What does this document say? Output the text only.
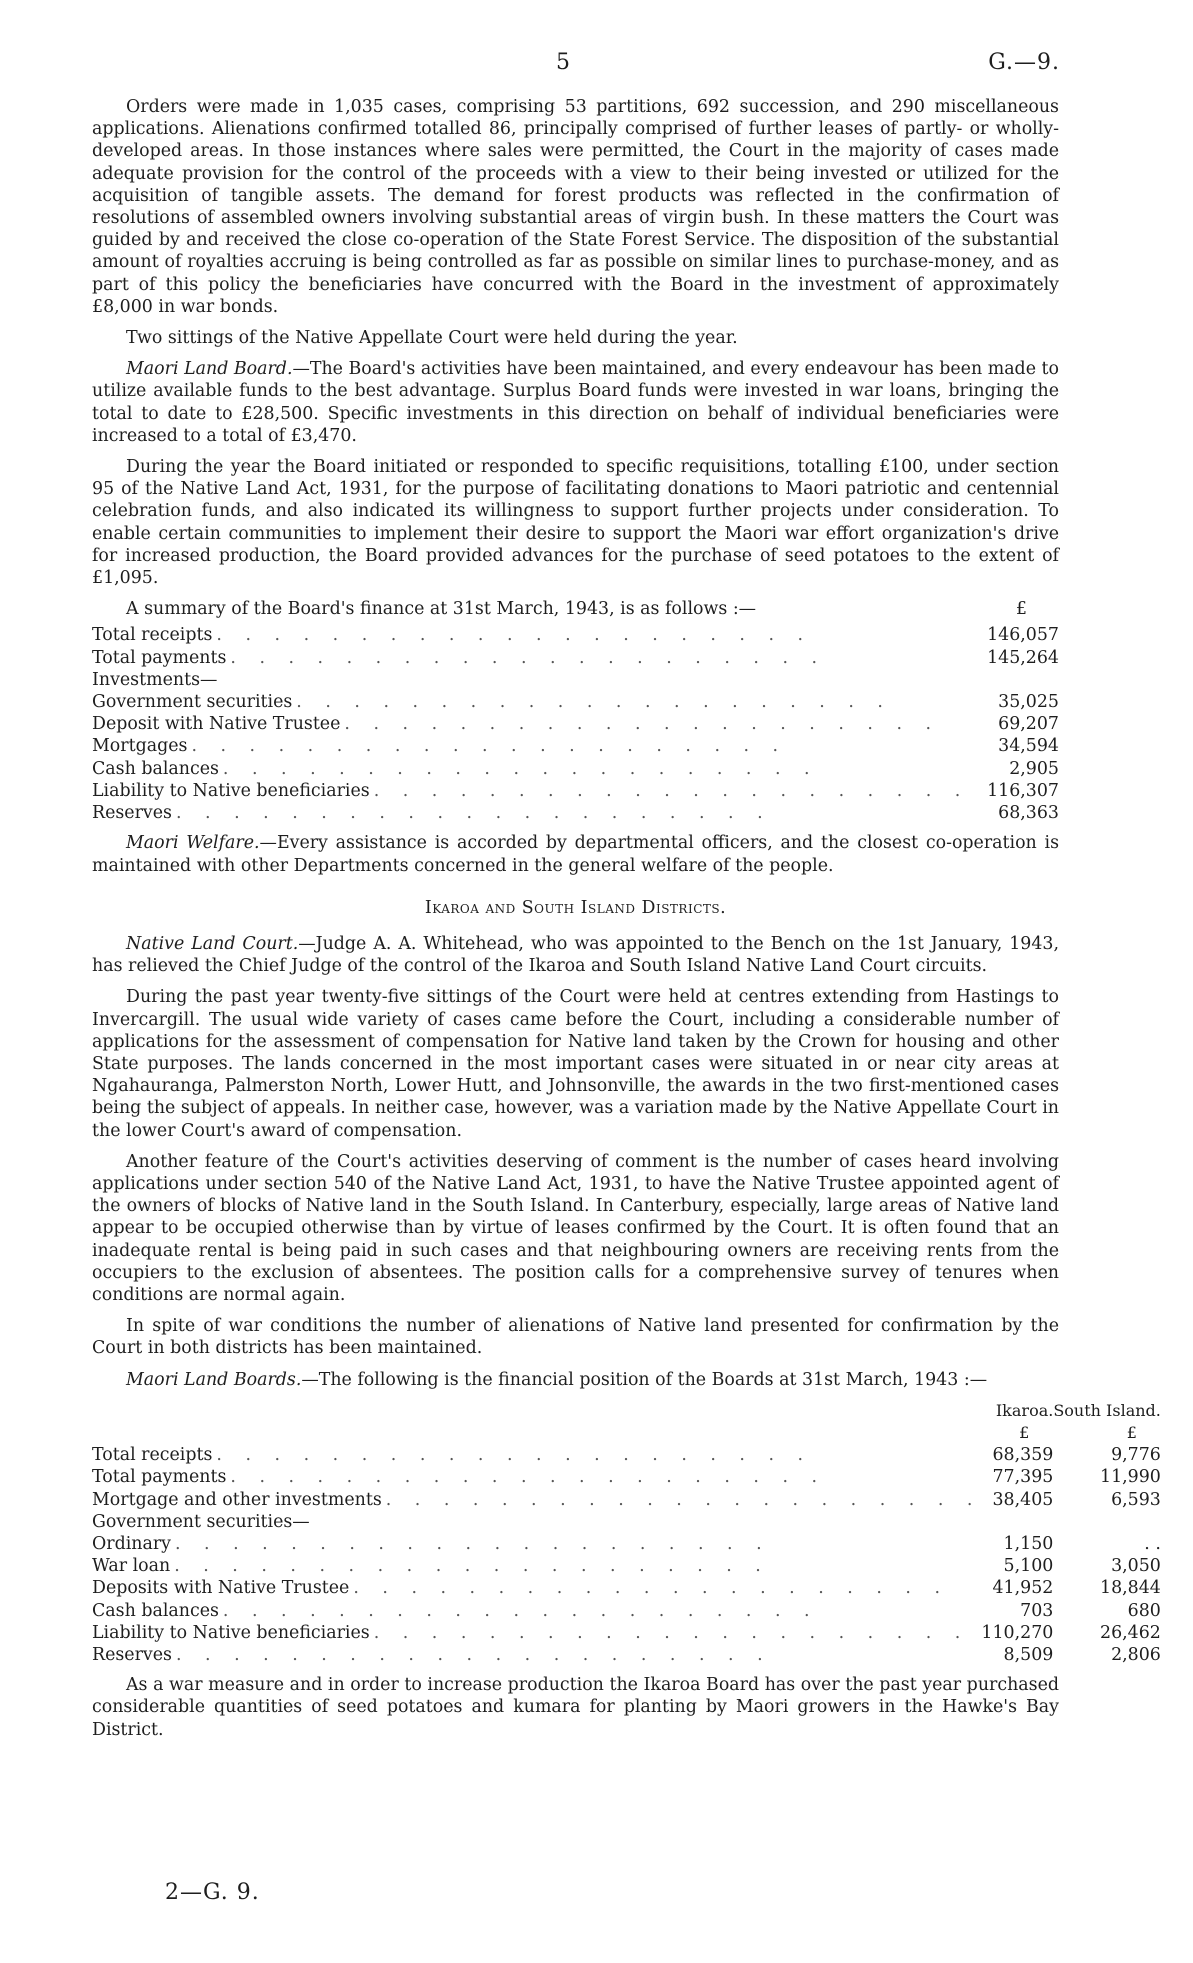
5	G.—9.

Orders were made in 1,035 cases, comprising 53 partitions, 692 succession, and 290 miscellaneous applications. Alienations confirmed totalled 86, principally comprised of further leases of partly- or wholly-developed areas. In those instances where sales were permitted, the Court in the majority of cases made adequate provision for the control of the proceeds with a view to their being invested or utilized for the acquisition of tangible assets. The demand for forest products was reflected in the confirmation of resolutions of assembled owners involving substantial areas of virgin bush. In these matters the Court was guided by and received the close co-operation of the State Forest Service. The disposition of the substantial amount of royalties accruing is being controlled as far as possible on similar lines to purchase-money, and as part of this policy the beneficiaries have concurred with the Board in the investment of approximately £8,000 in war bonds.

Two sittings of the Native Appellate Court were held during the year.

Maori Land Board.—The Board's activities have been maintained, and every endeavour has been made to utilize available funds to the best advantage. Surplus Board funds were invested in war loans, bringing the total to date to £28,500. Specific investments in this direction on behalf of individual beneficiaries were increased to a total of £3,470.

During the year the Board initiated or responded to specific requisitions, totalling £100, under section 95 of the Native Land Act, 1931, for the purpose of facilitating donations to Maori patriotic and centennial celebration funds, and also indicated its willingness to support further projects under consideration. To enable certain communities to implement their desire to support the Maori war effort organization's drive for increased production, the Board provided advances for the purchase of seed potatoes to the extent of £1,095.

A summary of the Board's finance at 31st March, 1943, is as follows :—	£
Total receipts . . . . . . . . . . . . . . . . . . . . .	146,057
Total payments . . . . . . . . . . . . . . . . . . . . .	145,264
Investments—	
Government securities . . . . . . . . . . . . . . . . . . . . .	35,025
Deposit with Native Trustee . . . . . . . . . . . . . . . . . . . . .	69,207
Mortgages . . . . . . . . . . . . . . . . . . . . .	34,594
Cash balances . . . . . . . . . . . . . . . . . . . . .	2,905
Liability to Native beneficiaries . . . . . . . . . . . . . . . . . . . . .	116,307
Reserves . . . . . . . . . . . . . . . . . . . . .	68,363

Maori Welfare.—Every assistance is accorded by departmental officers, and the closest co-operation is maintained with other Departments concerned in the general welfare of the people.

Ikaroa and South Island Districts.

Native Land Court.—Judge A. A. Whitehead, who was appointed to the Bench on the 1st January, 1943, has relieved the Chief Judge of the control of the Ikaroa and South Island Native Land Court circuits.

During the past year twenty-five sittings of the Court were held at centres extending from Hastings to Invercargill. The usual wide variety of cases came before the Court, including a considerable number of applications for the assessment of compensation for Native land taken by the Crown for housing and other State purposes. The lands concerned in the most important cases were situated in or near city areas at Ngahauranga, Palmerston North, Lower Hutt, and Johnsonville, the awards in the two first-mentioned cases being the subject of appeals. In neither case, however, was a variation made by the Native Appellate Court in the lower Court's award of compensation.

Another feature of the Court's activities deserving of comment is the number of cases heard involving applications under section 540 of the Native Land Act, 1931, to have the Native Trustee appointed agent of the owners of blocks of Native land in the South Island. In Canterbury, especially, large areas of Native land appear to be occupied otherwise than by virtue of leases confirmed by the Court. It is often found that an inadequate rental is being paid in such cases and that neighbouring owners are receiving rents from the occupiers to the exclusion of absentees. The position calls for a comprehensive survey of tenures when conditions are normal again.

In spite of war conditions the number of alienations of Native land presented for confirmation by the Court in both districts has been maintained.

Maori Land Boards.—The following is the financial position of the Boards at 31st March, 1943 :—

	Ikaroa.	South Island.
	£	£
Total receipts . . . . . . . . . . . . . . . . . . . . .	68,359	9,776
Total payments . . . . . . . . . . . . . . . . . . . . .	77,395	11,990
Mortgage and other investments . . . . . . . . . . . . . . . . . . . . .	38,405	6,593
Government securities—		
Ordinary . . . . . . . . . . . . . . . . . . . . .	1,150	. .
War loan . . . . . . . . . . . . . . . . . . . . .	5,100	3,050
Deposits with Native Trustee . . . . . . . . . . . . . . . . . . . . .	41,952	18,844
Cash balances . . . . . . . . . . . . . . . . . . . . .	703	680
Liability to Native beneficiaries . . . . . . . . . . . . . . . . . . . . .	110,270	26,462
Reserves . . . . . . . . . . . . . . . . . . . . .	8,509	2,806

As a war measure and in order to increase production the Ikaroa Board has over the past year purchased considerable quantities of seed potatoes and kumara for planting by Maori growers in the Hawke's Bay District.

2—G. 9.
